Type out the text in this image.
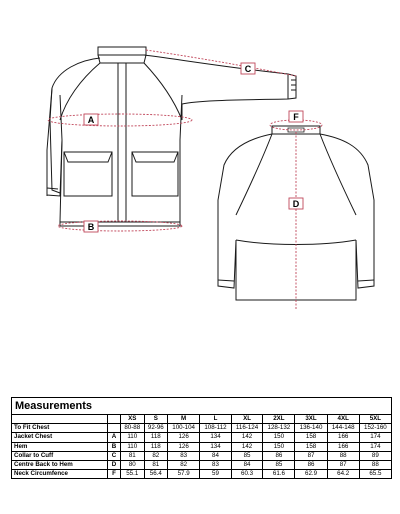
A
B
C
F
D
Measurements
		XS	S	M	L	XL	2XL	3XL	4XL	5XL
To Fit Chest		80-88	92-96	100-104	108-112	116-124	128-132	136-140	144-148	152-160
Jacket Chest	A	110	118	126	134	142	150	158	166	174
Hem	B	110	118	126	134	142	150	158	166	174
Collar to Cuff	C	81	82	83	84	85	86	87	88	89
Centre Back to Hem	D	80	81	82	83	84	85	86	87	88
Neck Circumfence	F	55.1	56.4	57.9	59	60.3	61.6	62.9	64.2	65.5
